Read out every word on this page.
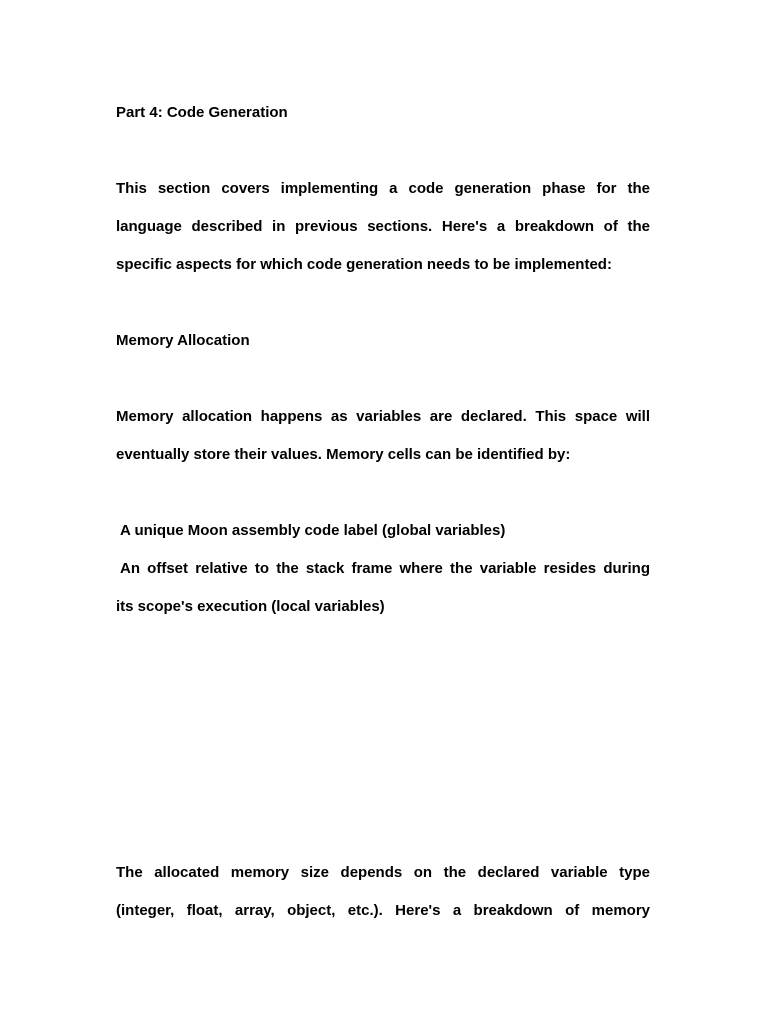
Part 4: Code Generation
This section covers implementing a code generation phase for the
language described in previous sections. Here's a breakdown of the
specific aspects for which code generation needs to be implemented:
Memory Allocation
Memory allocation happens as variables are declared. This space will
eventually store their values. Memory cells can be identified by:
A unique Moon assembly code label (global variables)
An offset relative to the stack frame where the variable resides during
its scope's execution (local variables)
The allocated memory size depends on the declared variable type
(integer, float, array, object, etc.). Here's a breakdown of memory
